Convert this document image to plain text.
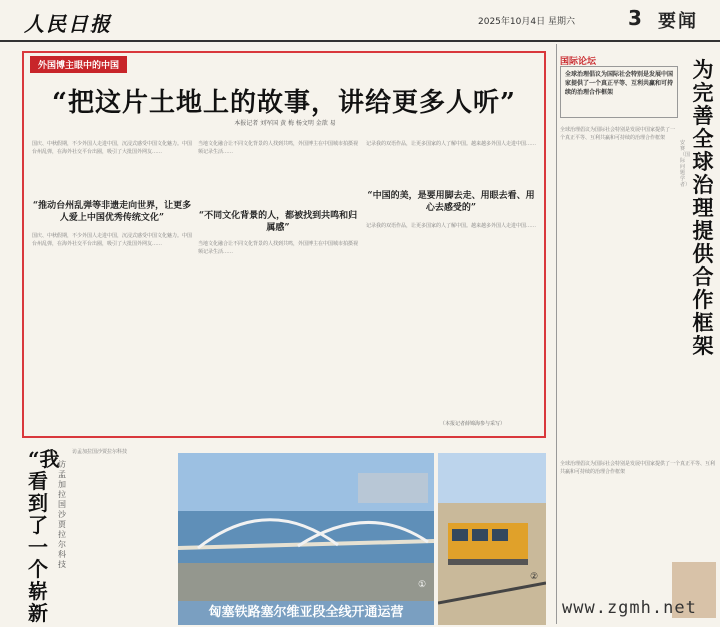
人民日报	2025年10月4日 星期六	3 要闻
外国博主眼中的中国
“把这片土地上的故事，讲给更多人听”
本报记者 刘军国 黄 梅 杨文明 金歆 易
国庆、中秋假期，不少外国人走进中国，沉浸式感受中国文化魅力。中国台州乱弹，在海外社交平台出圈，吸引了大批国外网友……
“推动台州乱弹等非遗走向世界，让更多人爱上中国优秀传统文化”
国庆、中秋假期，不少外国人走进中国，沉浸式感受中国文化魅力。中国台州乱弹，在海外社交平台出圈，吸引了大批国外网友……
当地文化融合让不同文化背景的人找到共鸣，外国博主在中国城市拍摄视频记录生活……
“不同文化背景的人，都被找到共鸣和归属感”
当地文化融合让不同文化背景的人找到共鸣，外国博主在中国城市拍摄视频记录生活……
记录我的双语作品，让更多国家的人了解中国。越来越多外国人走进中国……
“中国的美，是要用脚去走、用眼去看、用心去感受的”
记录我的双语作品，让更多国家的人了解中国。越来越多外国人走进中国……
（本报记者薛锦海参与采写）
国际论坛
全球治理倡议为国际社会特别是发展中国家提供了一个真正平等、互利共赢和可持续的治理合作框架
为完善全球治理提供合作框架
安赛 （国际问题学者）
全球治理倡议为国际社会特别是发展中国家提供了一个真正平等、互利共赢和可持续的治理合作框架
全球治理倡议为国际社会特别是发展中国家提供了一个真正平等、互利共赢和可持续的治理合作框架
“我看到了一个崭新
访孟加拉国沙贾拉尔科技
访孟加拉国沙贾拉尔科技
匈塞铁路塞尔维亚段全线开通运营
①
②
www.zgmh.net
